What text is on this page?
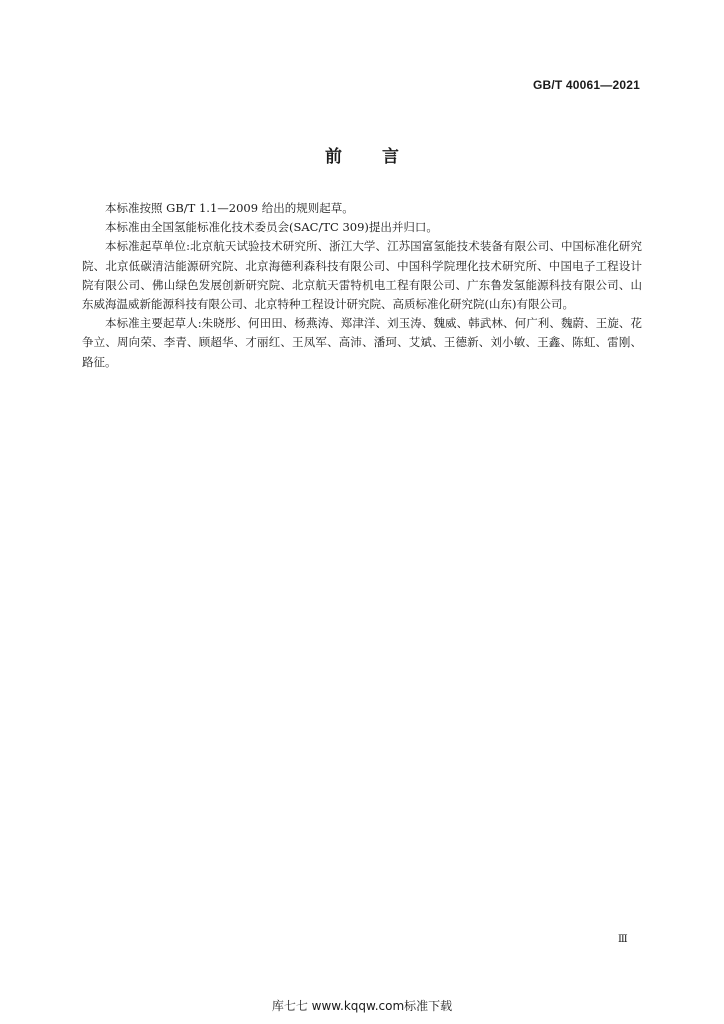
GB/T 40061—2021
前言

本标准按照 GB/T 1.1—2009 给出的规则起草。

本标准由全国氢能标准化技术委员会(SAC/TC 309)提出并归口。

本标准起草单位:北京航天试验技术研究所、浙江大学、江苏国富氢能技术装备有限公司、中国标准化研究院、北京低碳清洁能源研究院、北京海德利森科技有限公司、中国科学院理化技术研究所、中国电子工程设计院有限公司、佛山绿色发展创新研究院、北京航天雷特机电工程有限公司、广东鲁发氢能源科技有限公司、山东威海温威新能源科技有限公司、北京特种工程设计研究院、高质标准化研究院(山东)有限公司。

本标准主要起草人:朱晓彤、何田田、杨燕涛、郑津洋、刘玉涛、魏威、韩武林、何广利、魏蔚、王旋、花争立、周向荣、李青、顾超华、才丽红、王凤军、高沛、潘珂、艾斌、王德新、刘小敏、王鑫、陈虹、雷刚、路征。

Ⅲ
库七七 www.kqqw.com标准下载
